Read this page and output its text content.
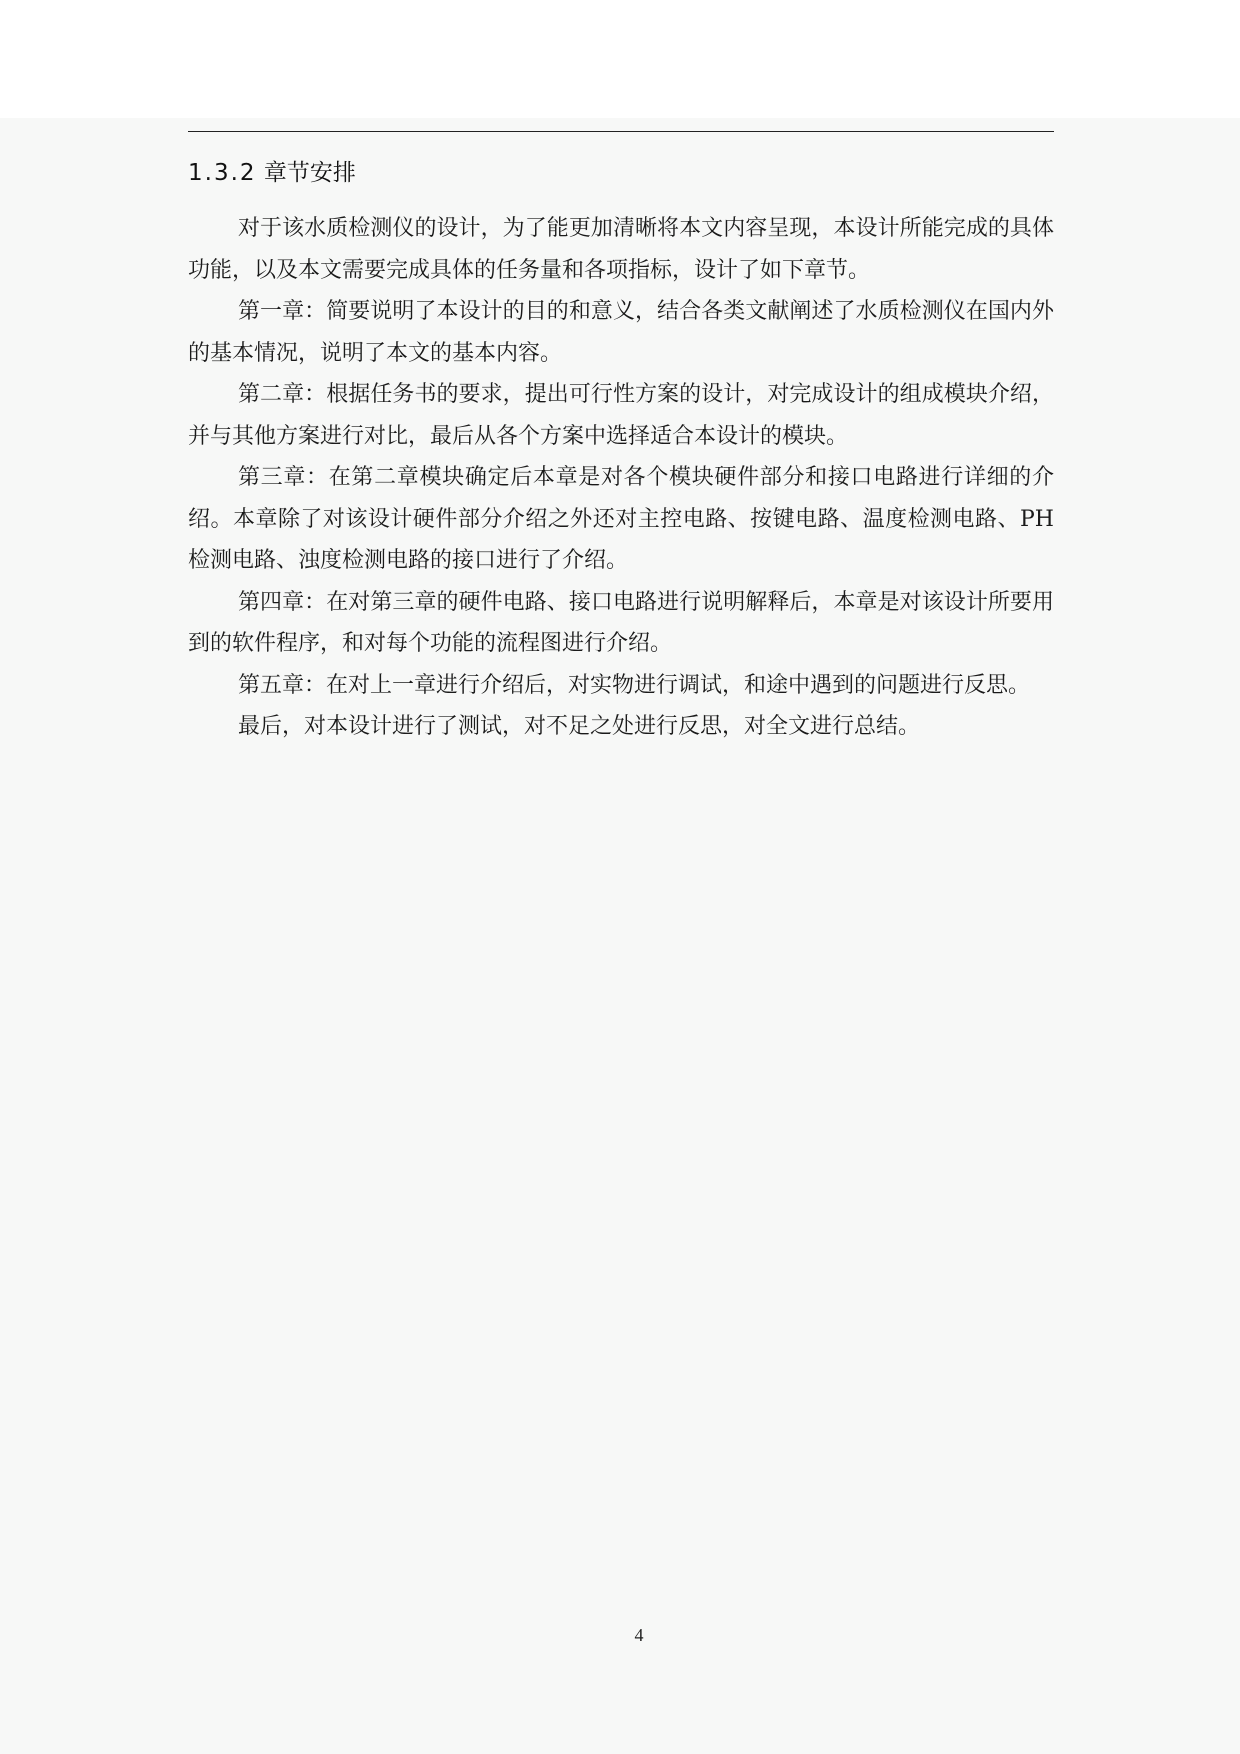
1.3.2 章节安排

对于该水质检测仪的设计，为了能更加清晰将本文内容呈现，本设计所能完成的具体功能，以及本文需要完成具体的任务量和各项指标，设计了如下章节。

第一章：简要说明了本设计的目的和意义，结合各类文献阐述了水质检测仪在国内外的基本情况，说明了本文的基本内容。

第二章：根据任务书的要求，提出可行性方案的设计，对完成设计的组成模块介绍，并与其他方案进行对比，最后从各个方案中选择适合本设计的模块。

第三章：在第二章模块确定后本章是对各个模块硬件部分和接口电路进行详细的介绍。本章除了对该设计硬件部分介绍之外还对主控电路、按键电路、温度检测电路、PH 检测电路、浊度检测电路的接口进行了介绍。

第四章：在对第三章的硬件电路、接口电路进行说明解释后，本章是对该设计所要用到的软件程序，和对每个功能的流程图进行介绍。

第五章：在对上一章进行介绍后，对实物进行调试，和途中遇到的问题进行反思。

最后，对本设计进行了测试，对不足之处进行反思，对全文进行总结。

4
